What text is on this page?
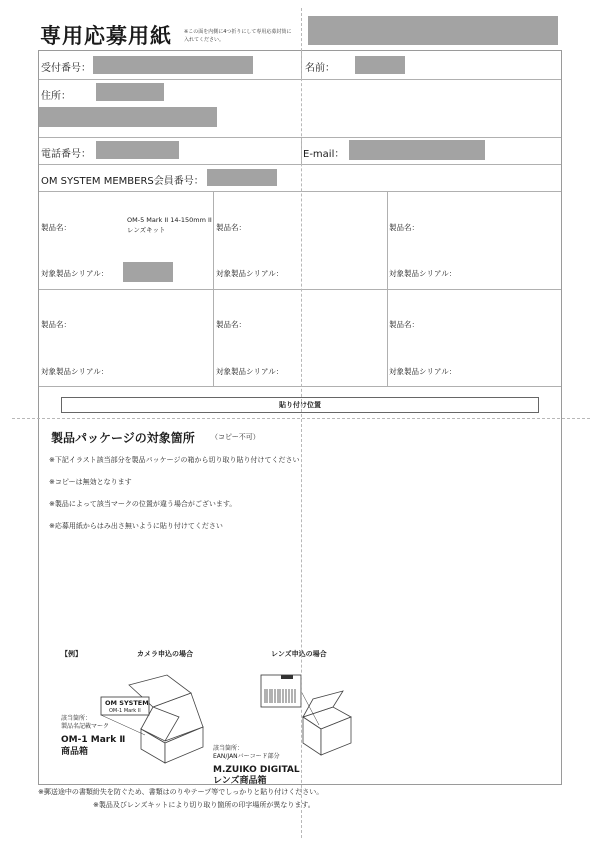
専用応募用紙 ※この面を内側に4つ折りにして専用応募封筒に入れてください。
受付番号：	名前：
住所：
電話番号：	E-mail：
OM SYSTEM MEMBERS会員番号：
製品名：
OM-5 Mark II 14-150mm II レンズキット
対象製品シリアル：
製品名：
対象製品シリアル：
製品名：
対象製品シリアル：
製品名：
対象製品シリアル：
製品名：
対象製品シリアル：
製品名：
対象製品シリアル：
貼り付け位置
製品パッケージの対象箇所 （コピー不可）
※下記イラスト該当部分を製品パッケージの箱から切り取り貼り付けてください
※コピーは無効となります
※製品によって該当マークの位置が違う場合がございます。
※応募用紙からはみ出さ無いように貼り付けてください
【例】	カメラ申込の場合	レンズ申込の場合
OM SYSTEM
OM-1 Mark II
該当箇所：
製品名記載マーク
OM-1 Mark Ⅱ
商品箱	該当箇所：
EAN/JANバーコード部分
M.ZUIKO DIGITAL
レンズ商品箱
※製品及びレンズキットにより切り取り箇所の印字場所が異なります。
※郵送途中の書類紛失を防ぐため、書類はのりやテープ等でしっかりと貼り付けください。
